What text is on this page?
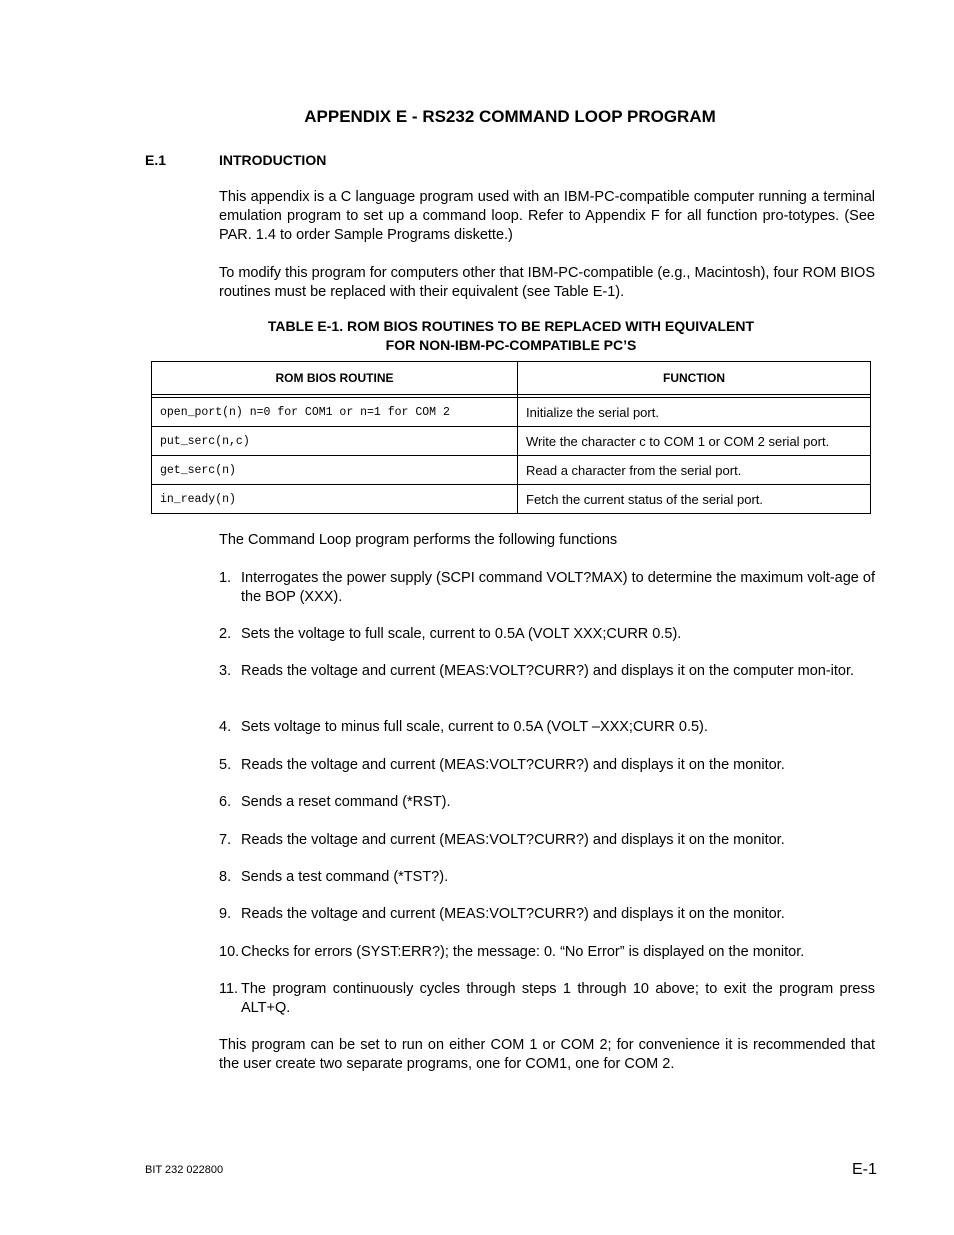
APPENDIX E - RS232 COMMAND LOOP PROGRAM
E.1	INTRODUCTION
This appendix is a C language program used with an IBM-PC-compatible computer running a terminal emulation program to set up a command loop. Refer to Appendix F for all function pro-totypes. (See PAR. 1.4 to order Sample Programs diskette.)
To modify this program for computers other that IBM-PC-compatible (e.g., Macintosh), four ROM BIOS routines must be replaced with their equivalent (see Table E-1).
TABLE E-1. ROM BIOS ROUTINES TO BE REPLACED WITH EQUIVALENT
FOR NON-IBM-PC-COMPATIBLE PC’S
ROM BIOS ROUTINE	FUNCTION

open_port(n) n=0 for COM1 or n=1 for COM 2	Initialize the serial port.
put_serc(n,c)	Write the character c to COM 1 or COM 2 serial port.
get_serc(n)	Read a character from the serial port.
in_ready(n)	Fetch the current status of the serial port.
The Command Loop program performs the following functions
1. Interrogates the power supply (SCPI command VOLT?MAX) to determine the maximum volt-age of the BOP (XXX).
2. Sets the voltage to full scale, current to 0.5A (VOLT XXX;CURR 0.5).
3. Reads the voltage and current (MEAS:VOLT?CURR?) and displays it on the computer mon-itor.
4. Sets voltage to minus full scale, current to 0.5A (VOLT –XXX;CURR 0.5).
5. Reads the voltage and current (MEAS:VOLT?CURR?) and displays it on the monitor.
6. Sends a reset command (*RST).
7. Reads the voltage and current (MEAS:VOLT?CURR?) and displays it on the monitor.
8. Sends a test command (*TST?).
9. Reads the voltage and current (MEAS:VOLT?CURR?) and displays it on the monitor.
10. Checks for errors (SYST:ERR?); the message: 0. “No Error” is displayed on the monitor.
11. The program continuously cycles through steps 1 through 10 above; to exit the program press ALT+Q.
This program can be set to run on either COM 1 or COM 2; for convenience it is recommended that the user create two separate programs, one for COM1, one for COM 2.
BIT 232 022800	E-1
